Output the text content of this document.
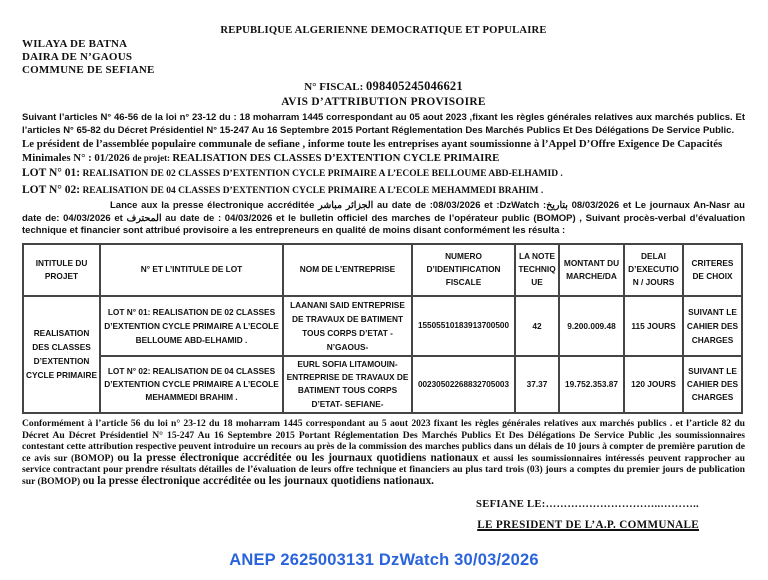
REPUBLIQUE ALGERIENNE DEMOCRATIQUE ET POPULAIRE
WILAYA DE BATNA
DAIRA DE N’GAOUS
COMMUNE DE SEFIANE
N° FISCAL: 098405245046621
AVIS D’ATTRIBUTION PROVISOIRE

Suivant l’articles N° 46-56 de la loi n° 23-12 du : 18 moharram 1445 correspondant au 05 aout 2023 ,fixant les règles générales relatives aux marchés publics. Et l’articles N° 65-82 du Décret Présidentiel N° 15-247 Au 16 Septembre 2015 Portant Réglementation Des Marchés Publics Et Des Délégations De Service Public.

Le président de l’assemblée populaire communale de sefiane , informe toute les entreprises ayant soumissionne à l’Appel D’Offre Exigence De Capacités Minimales N° : 01/2026 de projet: REALISATION DES CLASSES D’EXTENTION CYCLE PRIMAIRE

LOT N° 01: REALISATION DE 02 CLASSES D’EXTENTION CYCLE PRIMAIRE A L’ECOLE BELLOUME ABD-ELHAMID .
LOT N° 02: REALISATION DE 04 CLASSES D’EXTENTION CYCLE PRIMAIRE A L’ECOLE MEHAMMEDI BRAHIM .

Lance aux la presse électronique accréditée الجزائر مباشر au date de :08/03/2026 et :DzWatch :بتاريخ 08/03/2026 et Le journaux An-Nasr au date de: 04/03/2026 et المحترف au date de : 04/03/2026 et le bulletin officiel des marches de l’opérateur public (BOMOP) , Suivant procès-verbal d’évaluation technique et financier sont attribué provisoire a les entrepreneurs en qualité de moins disant conformément les résulta :

INTITULE DU PROJET	N° ET L’INTITULE DE LOT	NOM DE L’ENTREPRISE	NUMERO D’IDENTIFICATION FISCALE	LA NOTE TECHNIQUE	MONTANT DU MARCHE/DA	DELAI D’EXECUTION / JOURS	CRITERES DE CHOIX
REALISATION DES CLASSES D’EXTENTION CYCLE PRIMAIRE	LOT N° 01: REALISATION DE 02 CLASSES D’EXTENTION CYCLE PRIMAIRE A L’ECOLE BELLOUME ABD-ELHAMID .	LAANANI SAID ENTREPRISE DE TRAVAUX DE BATIMENT TOUS CORPS D’ETAT -N’GAOUS-	15505510183913700500	42	9.200.009.48	115 JOURS	SUIVANT LE CAHIER DES CHARGES
	LOT N° 02: REALISATION DE 04 CLASSES D’EXTENTION CYCLE PRIMAIRE A L’ECOLE MEHAMMEDI BRAHIM .	EURL SOFIA LITAMOUIN- ENTREPRISE DE TRAVAUX DE BATIMENT TOUS CORPS D’ETAT- SEFIANE-	00230502268832705003	37.37	19.752.353.87	120 JOURS	SUIVANT LE CAHIER DES CHARGES

Conformément à l’article 56 du loi n° 23-12 du 18 moharram 1445 correspondant au 5 aout 2023 fixant les règles générales relatives aux marchés publics . et l’article 82 du Décret Au Décret Présidentiel N° 15-247 Au 16 Septembre 2015 Portant Réglementation Des Marchés Publics Et Des Délégations De Service Public ,les soumissionnaires contestant cette attribution respective peuvent introduire un recours au près de la commission des marches publics dans un délais de 10 jours à compter de première parution de ce avis sur (BOMOP) ou la presse électronique accréditée ou les journaux quotidiens nationaux et aussi les soumissionnaires intéressés peuvent rapprocher au service contractant pour prendre résultats détailles de l’évaluation de leurs offre technique et financiers au plus tard trois (03) jours a comptes du premier jours de publication sur (BOMOP) ou la presse électronique accréditée ou les journaux quotidiens nationaux.

SEFIANE LE:…………………………..………..
LE PRESIDENT DE L’A.P. COMMUNALE
ANEP 2625003131 DzWatch 30/03/2026
